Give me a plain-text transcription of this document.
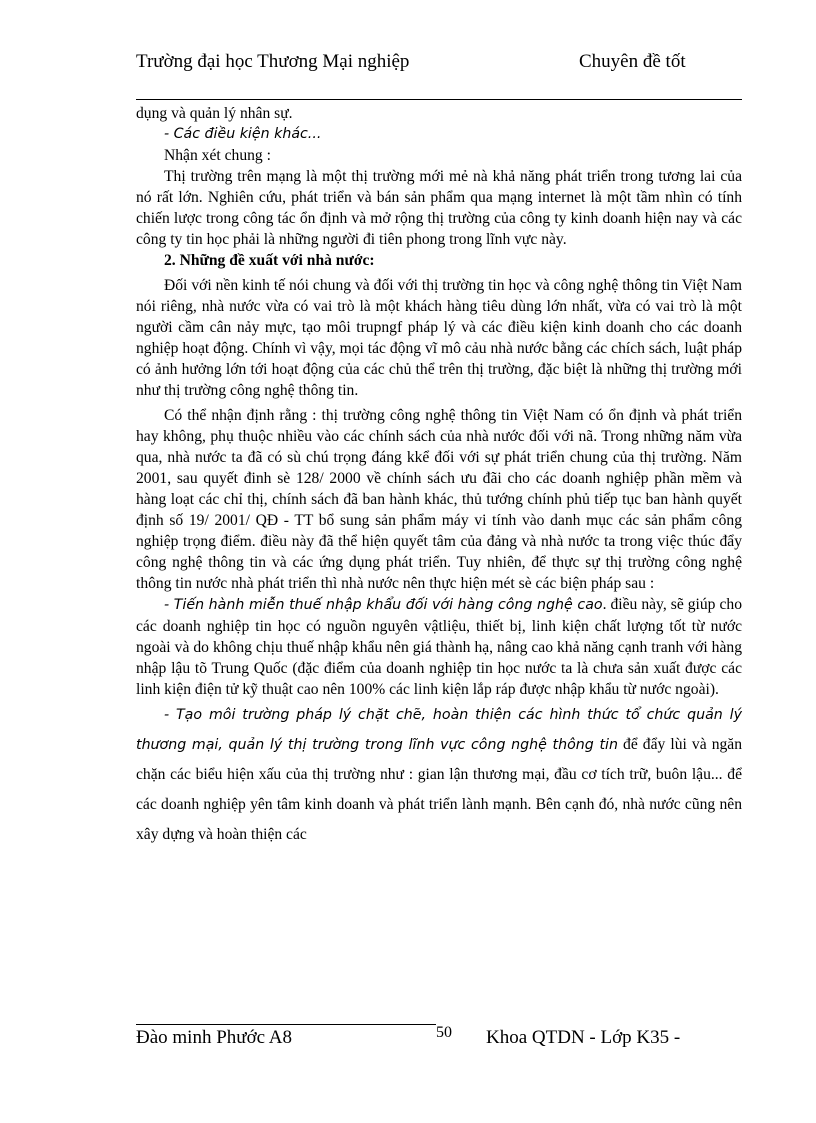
Trường đại học Thương Mại nghiệp	Chuyên đề tốt

dụng và quản lý nhân sự.

- Các điều kiện khác...

Nhận xét chung :

Thị trường trên mạng là một thị trường mới mẻ nà khả năng phát triển trong tương lai của nó rất lớn. Nghiên cứu, phát triển và bán sản phẩm qua mạng internet là một tầm nhìn có tính chiến lược trong công tác ổn định và mở rộng thị trường của công ty kinh doanh hiện nay và các công ty tin học phải là những người đi tiên phong trong lĩnh vực này.

2. Những đề xuất với nhà nước:

Đối với nền kinh tế nói chung và đối với thị trường tin học và công nghệ thông tin Việt Nam nói riêng, nhà nước vừa có vai trò là một khách hàng tiêu dùng lớn nhất, vừa có vai trò là một người cầm cân nảy mực, tạo môi trupngf pháp lý và các điều kiện kinh doanh cho các doanh nghiệp hoạt động. Chính vì vậy, mọi tác động vĩ mô cảu nhà nước bằng các chích sách, luật pháp có ảnh hưởng lớn tới hoạt động của các chủ thể trên thị trường, đặc biệt là những thị trường mới như thị trường công nghệ thông tin.

Có thể nhận định rằng : thị trường công nghệ thông tin Việt Nam có ổn định và phát triển hay không, phụ thuộc nhiều vào các chính sách của nhà nước đối với nã. Trong những năm vừa qua, nhà nước ta đã có sù chú trọng đáng kkể đối với sự phát triển chung của thị trường. Năm 2001, sau quyết đinh sè 128/ 2000 về chính sách ưu đãi cho các doanh nghiệp phần mềm và hàng loạt các chỉ thị, chính sách đã ban hành khác, thủ tướng chính phủ tiếp tục ban hành quyết định số 19/ 2001/ QĐ - TT bổ sung sản phẩm máy vi tính vào danh mục các sản phẩm công nghiệp trọng điểm. điều này đã thể hiện quyết tâm của đảng và nhà nước ta trong việc thúc đẩy công nghệ thông tin và các ứng dụng phát triển. Tuy nhiên, để thực sự thị trường công nghệ thông tin nước nhà phát triển thì nhà nước nên thực hiện mét sè các biện pháp sau :

- Tiến hành miễn thuế nhập khẩu đối với hàng công nghệ cao. điều này, sẽ giúp cho các doanh nghiệp tin học có nguồn nguyên vậtliệu, thiết bị, linh kiện chất lượng tốt từ nước ngoài và do không chịu thuế nhập khẩu nên giá thành hạ, nâng cao khả năng cạnh tranh với hàng nhập lậu tõ Trung Quốc (đặc điểm của doanh nghiệp tin học nước ta là chưa sản xuất được các linh kiện điện tử kỹ thuật cao nên 100% các linh kiện lắp ráp được nhập khẩu từ nước ngoài).

- Tạo môi trường pháp lý chặt chẽ, hoàn thiện các hình thức tổ chức quản lý thương mại, quản lý thị trường trong lĩnh vực công nghệ thông tin để đẩy lùi và ngăn chặn các biểu hiện xấu của thị trường như : gian lận thương mại, đầu cơ tích trữ, buôn lậu... để các doanh nghiệp yên tâm kinh doanh và phát triển lành mạnh. Bên cạnh đó, nhà nước cũng nên xây dựng và hoàn thiện các

Đào minh Phước A8	50 Khoa QTDN - Lớp K35 -
